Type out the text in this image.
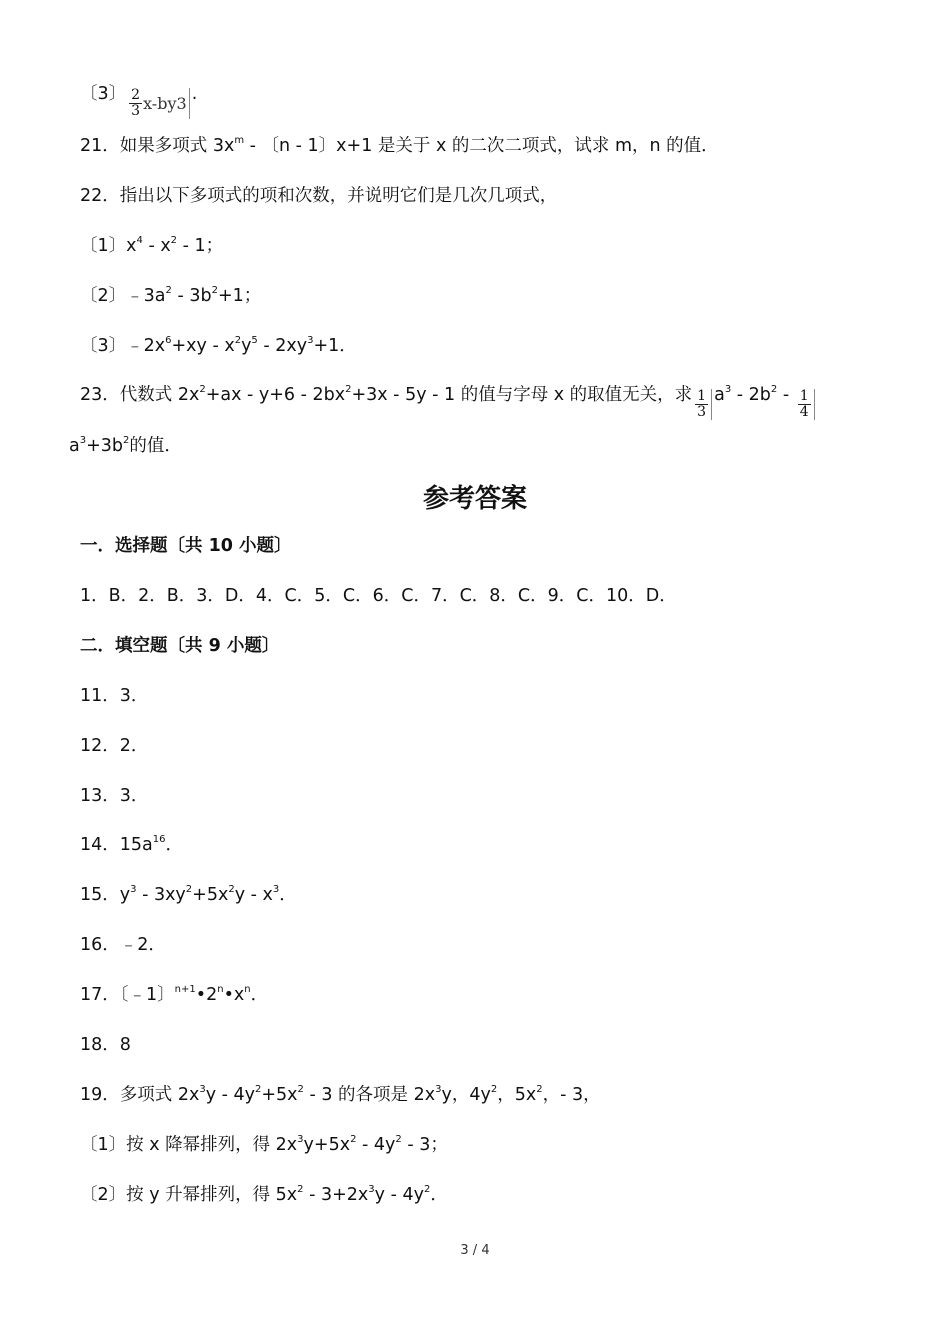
〔3〕 $\frac{2}{3} x-by$ 3 .
21．如果多项式 $3x^m$ - 〔n - 1〕x+1 是关于 x 的二次二项式，试求 m，n 的值．
22．指出以下多项式的项和次数，并说明它们是几次几项式，
〔1〕$x^4 - x^2 - 1$；
〔2〕$﹣3a^2 - 3b^2+1$；
〔3〕$﹣2x^6+xy - x^2y^5 - 2xy^3+1$．
23．代数式 $2x^2+ax - y+6 - 2bx^2+3x - 5y - 1$ 的值与字母 x 的取值无关，求 $\frac{1}{3} a^3 - 2b^2 - \frac{1}{4}$
$a^3+3b^2$的值．
参考答案
一．选择题〔共 10 小题〕
1．B．2．B．3．D．4．C．5．C．6．C．7．C．8．C．9．C．10．D．
二．填空题〔共 9 小题〕
11．3．
12．2．
13．3．
14．$15a^{16}$．
15．$y^3 - 3xy^2+5x^2y - x^3$．
16．﹣2．
17．〔﹣1〕$^{n+1}•2^n•x^n$．
18．8
19．多项式 $2x^3y - 4y^2+5x^2 - 3$ 的各项是 $2x^3y$，$4y^2$，$5x^2$，- 3，
〔1〕按 x 降幂排列，得 $2x^3y+5x^2 - 4y^2 - 3$；
〔2〕按 y 升幂排列，得 $5x^2 - 3+2x^3y - 4y^2$．
3 / 4
